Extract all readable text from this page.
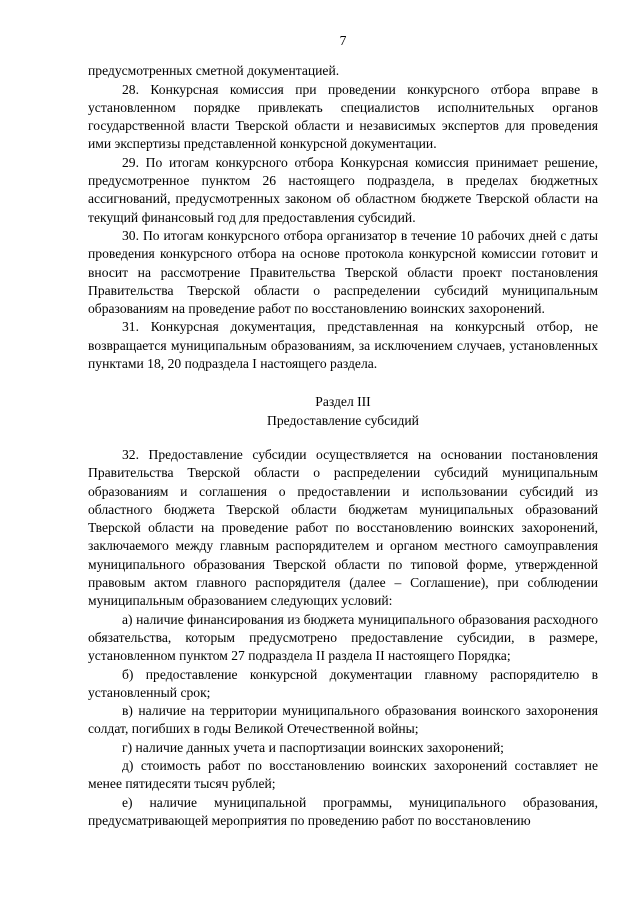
7

предусмотренных сметной документацией.

28. Конкурсная комиссия при проведении конкурсного отбора вправе в установленном порядке привлекать специалистов исполнительных органов государственной власти Тверской области и независимых экспертов для проведения ими экспертизы представленной конкурсной документации.

29. По итогам конкурсного отбора Конкурсная комиссия принимает решение, предусмотренное пунктом 26 настоящего подраздела, в пределах бюджетных ассигнований, предусмотренных законом об областном бюджете Тверской области на текущий финансовый год для предоставления субсидий.

30. По итогам конкурсного отбора организатор в течение 10 рабочих дней с даты проведения конкурсного отбора на основе протокола конкурсной комиссии готовит и вносит на рассмотрение Правительства Тверской области проект постановления Правительства Тверской области о распределении субсидий муниципальным образованиям на проведение работ по восстановлению воинских захоронений.

31. Конкурсная документация, представленная на конкурсный отбор, не возвращается муниципальным образованиям, за исключением случаев, установленных пунктами 18, 20 подраздела I настоящего раздела.

Раздел III

Предоставление субсидий

32. Предоставление субсидии осуществляется на основании постановления Правительства Тверской области о распределении субсидий муниципальным образованиям и соглашения о предоставлении и использовании субсидий из областного бюджета Тверской области бюджетам муниципальных образований Тверской области на проведение работ по восстановлению воинских захоронений, заключаемого между главным распорядителем и органом местного самоуправления муниципального образования Тверской области по типовой форме, утвержденной правовым актом главного распорядителя (далее – Соглашение), при соблюдении муниципальным образованием следующих условий:

а) наличие финансирования из бюджета муниципального образования расходного обязательства, которым предусмотрено предоставление субсидии, в размере, установленном пунктом 27 подраздела II раздела II настоящего Порядка;

б) предоставление конкурсной документации главному распорядителю в установленный срок;

в) наличие на территории муниципального образования воинского захоронения солдат, погибших в годы Великой Отечественной войны;

г) наличие данных учета и паспортизации воинских захоронений;

д) стоимость работ по восстановлению воинских захоронений составляет не менее пятидесяти тысяч рублей;

е) наличие муниципальной программы, муниципального образования, предусматривающей мероприятия по проведению работ по восстановлению
